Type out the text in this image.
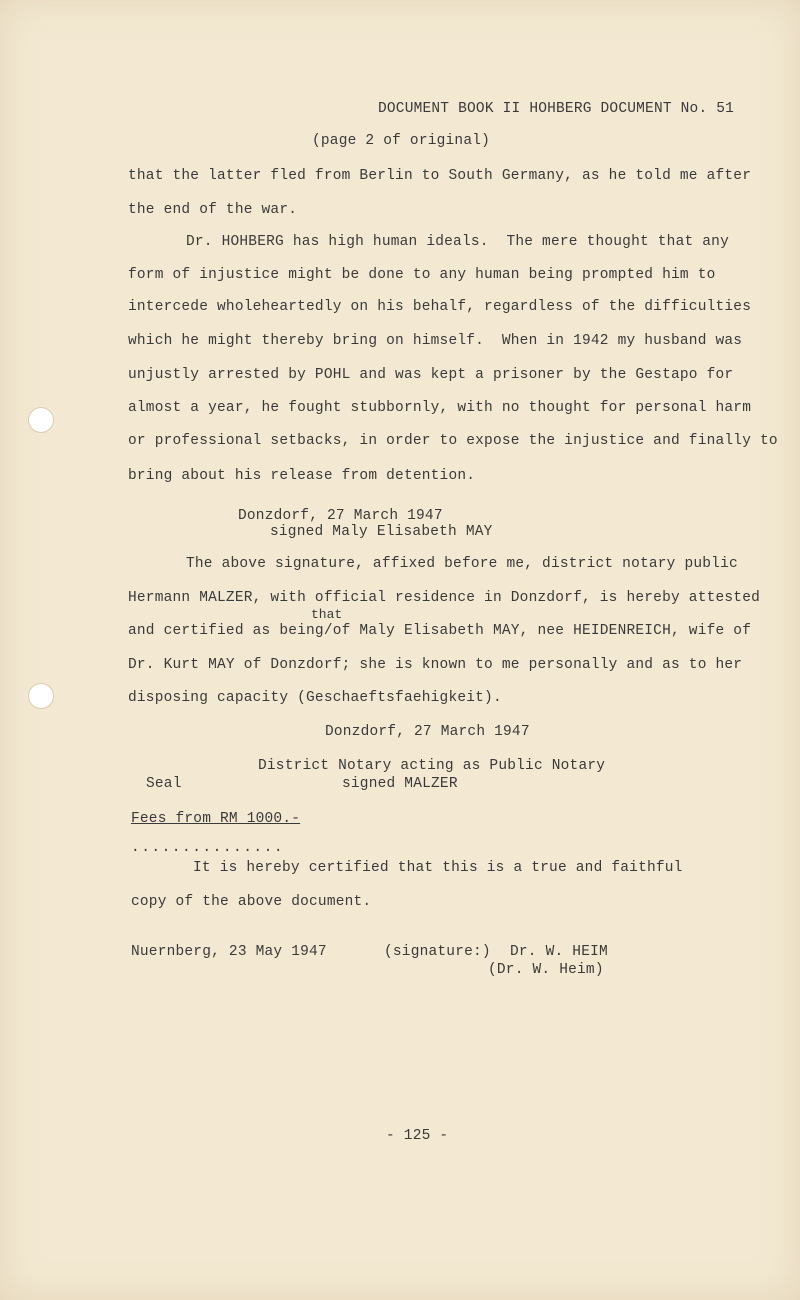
DOCUMENT BOOK II HOHBERG DOCUMENT No. 51
(page 2 of original)
that the latter fled from Berlin to South Germany, as he told me after
the end of the war.
Dr. HOHBERG has high human ideals.  The mere thought that any
form of injustice might be done to any human being prompted him to
intercede wholeheartedly on his behalf, regardless of the difficulties
which he might thereby bring on himself.  When in 1942 my husband was
unjustly arrested by POHL and was kept a prisoner by the Gestapo for
almost a year, he fought stubbornly, with no thought for personal harm
or professional setbacks, in order to expose the injustice and finally to
bring about his release from detention.
Donzdorf, 27 March 1947
signed Maly Elisabeth MAY
The above signature, affixed before me, district notary public
Hermann MALZER, with official residence in Donzdorf, is hereby attested
that
and certified as being/of Maly Elisabeth MAY, nee HEIDENREICH, wife of
Dr. Kurt MAY of Donzdorf; she is known to me personally and as to her
disposing capacity (Geschaeftsfaehigkeit).
Donzdorf, 27 March 1947
District Notary acting as Public Notary
Seal	signed MALZER
Fees from RM 1000.-
...............
It is hereby certified that this is a true and faithful
copy of the above document.
Nuernberg, 23 May 1947	(signature:) Dr. W. HEIM
(Dr. W. Heim)
- 125 -
